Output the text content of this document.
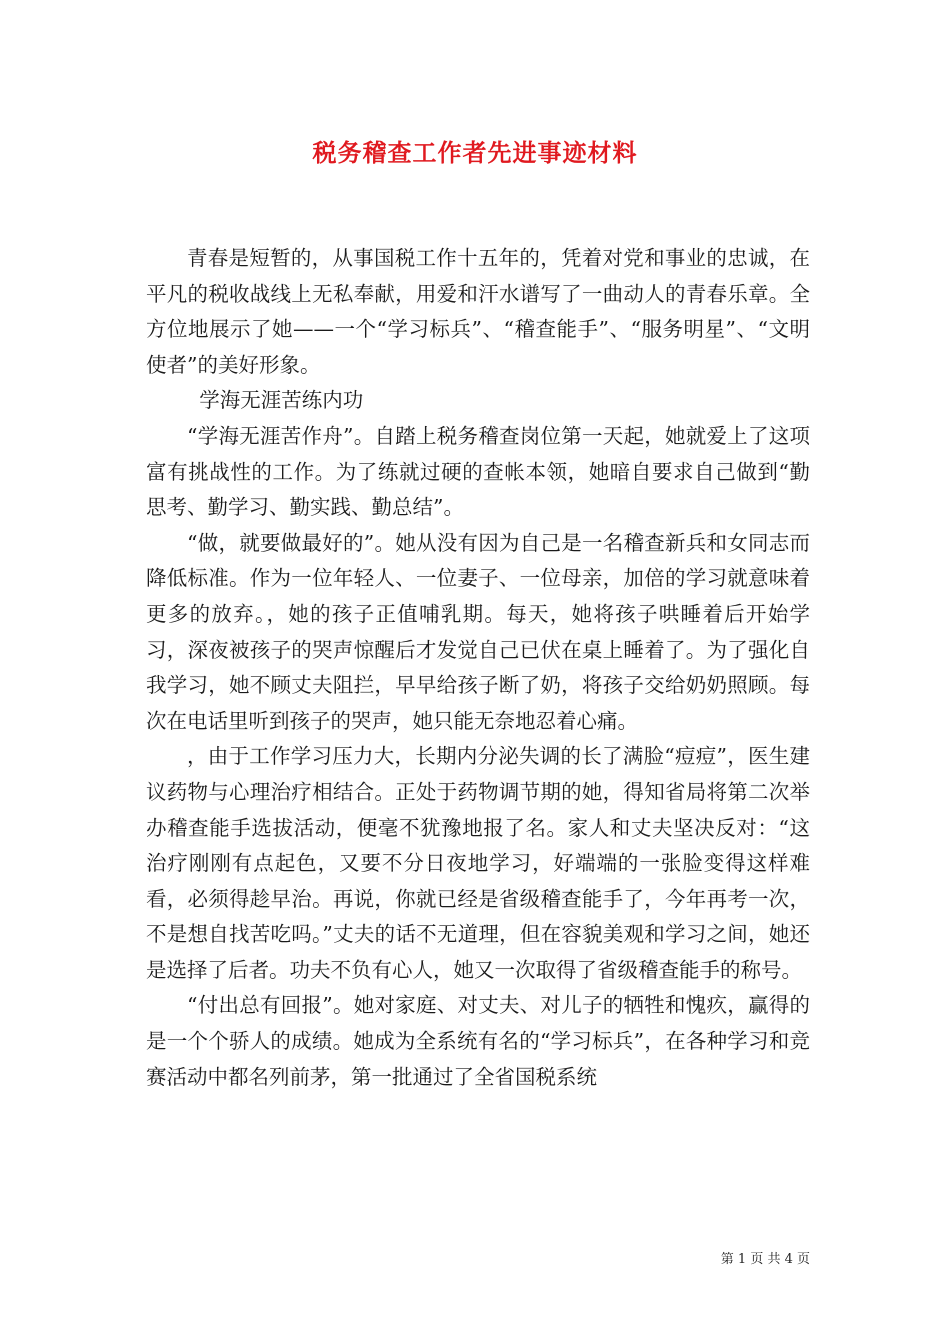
税务稽查工作者先进事迹材料

青春是短暂的，从事国税工作十五年的，凭着对党和事业的忠诚，在平凡的税收战线上无私奉献，用爱和汗水谱写了一曲动人的青春乐章。全方位地展示了她——一个“学习标兵”、“稽查能手”、“服务明星”、“文明使者”的美好形象。

学海无涯苦练内功

“学海无涯苦作舟”。自踏上税务稽查岗位第一天起，她就爱上了这项富有挑战性的工作。为了练就过硬的查帐本领，她暗自要求自己做到“勤思考、勤学习、勤实践、勤总结”。

“做，就要做最好的”。她从没有因为自己是一名稽查新兵和女同志而降低标准。作为一位年轻人、一位妻子、一位母亲，加倍的学习就意味着更多的放弃。，她的孩子正值哺乳期。每天，她将孩子哄睡着后开始学习，深夜被孩子的哭声惊醒后才发觉自己已伏在桌上睡着了。为了强化自我学习，她不顾丈夫阻拦，早早给孩子断了奶，将孩子交给奶奶照顾。每次在电话里听到孩子的哭声，她只能无奈地忍着心痛。

，由于工作学习压力大，长期内分泌失调的长了满脸“痘痘”，医生建议药物与心理治疗相结合。正处于药物调节期的她，得知省局将第二次举办稽查能手选拔活动，便毫不犹豫地报了名。家人和丈夫坚决反对：“这治疗刚刚有点起色，又要不分日夜地学习，好端端的一张脸变得这样难看，必须得趁早治。再说，你就已经是省级稽查能手了，今年再考一次，不是想自找苦吃吗。”丈夫的话不无道理，但在容貌美观和学习之间，她还是选择了后者。功夫不负有心人，她又一次取得了省级稽查能手的称号。

“付出总有回报”。她对家庭、对丈夫、对儿子的牺牲和愧疚，赢得的是一个个骄人的成绩。她成为全系统有名的“学习标兵”，在各种学习和竞赛活动中都名列前茅，第一批通过了全省国税系统

第 1 页 共 4 页
